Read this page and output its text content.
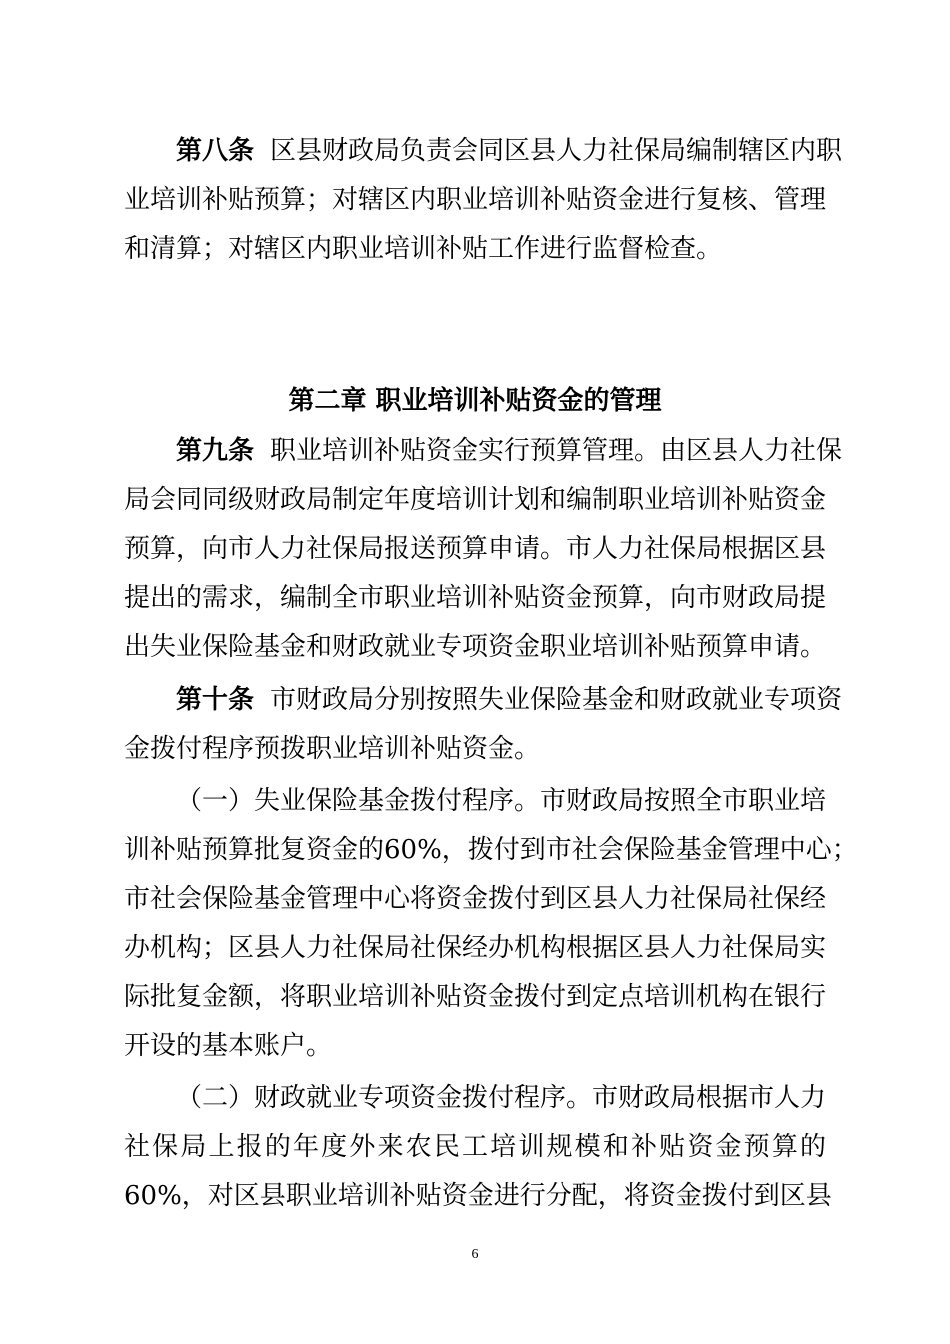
第八条 区县财政局负责会同区县人力社保局编制辖区内职
业培训补贴预算；对辖区内职业培训补贴资金进行复核、管理
和清算；对辖区内职业培训补贴工作进行监督检查。
第二章 职业培训补贴资金的管理
第九条 职业培训补贴资金实行预算管理。由区县人力社保
局会同同级财政局制定年度培训计划和编制职业培训补贴资金
预算，向市人力社保局报送预算申请。市人力社保局根据区县
提出的需求，编制全市职业培训补贴资金预算，向市财政局提
出失业保险基金和财政就业专项资金职业培训补贴预算申请。
第十条 市财政局分别按照失业保险基金和财政就业专项资
金拨付程序预拨职业培训补贴资金。
（一）失业保险基金拨付程序。市财政局按照全市职业培
训补贴预算批复资金的60%，拨付到市社会保险基金管理中心；
市社会保险基金管理中心将资金拨付到区县人力社保局社保经
办机构；区县人力社保局社保经办机构根据区县人力社保局实
际批复金额，将职业培训补贴资金拨付到定点培训机构在银行
开设的基本账户。
（二）财政就业专项资金拨付程序。市财政局根据市人力
社保局上报的年度外来农民工培训规模和补贴资金预算的
60%，对区县职业培训补贴资金进行分配，将资金拨付到区县
6
